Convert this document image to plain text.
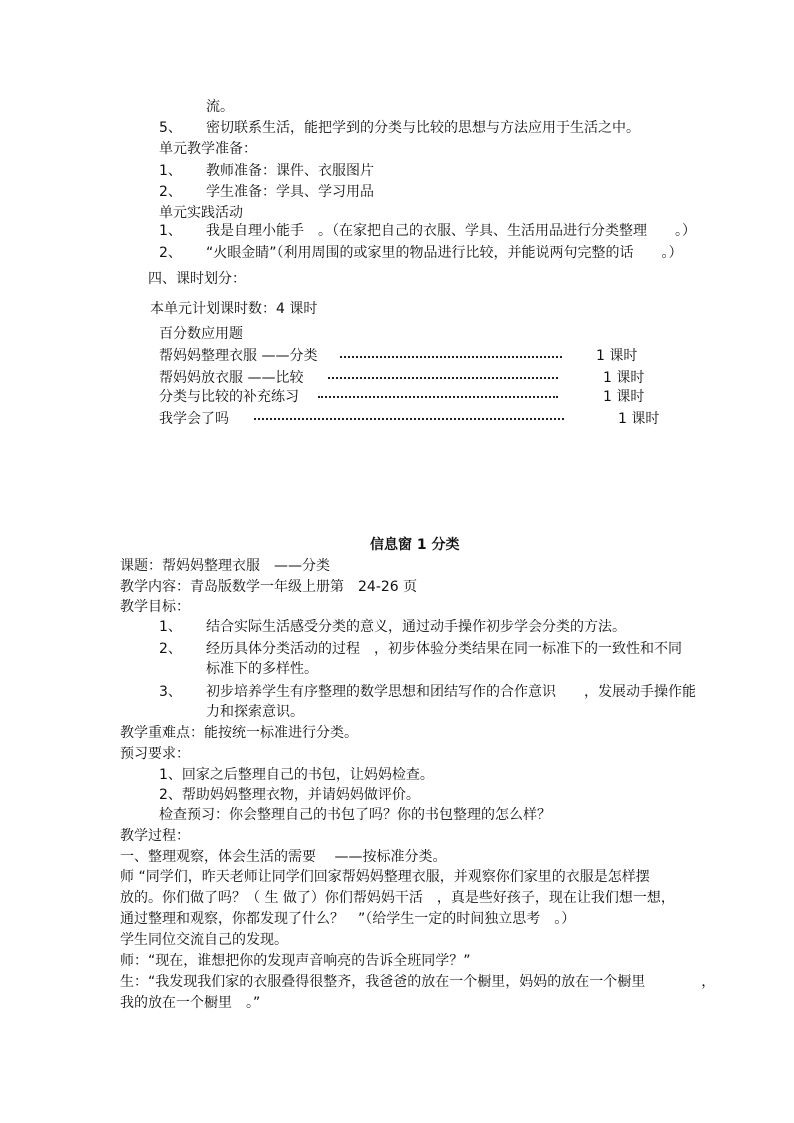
流。
5、 密切联系生活，能把学到的分类与比较的思想与方法应用于生活之中。
单元教学准备：
1、 教师准备：课件、衣服图片
2、 学生准备：学具、学习用品
单元实践活动
1、 我是自理小能手　。（在家把自己的衣服、学具、生活用品进行分类整理　　。）
2、 “火眼金睛”（利用周围的或家里的物品进行比较，并能说两句完整的话　　。）
四、课时划分：
本单元计划课时数：4 课时
百分数应用题
帮妈妈整理衣服 ——分类	1 课时
帮妈妈放衣服 ——比较	1 课时
分类与比较的补充练习	1 课时
我学会了吗	1 课时
信息窗 1 分类
课题：帮妈妈整理衣服　——分类
教学内容：青岛版数学一年级上册第　24-26 页
教学目标：
1、 结合实际生活感受分类的意义，通过动手操作初步学会分类的方法。
2、 经历具体分类活动的过程　，初步体验分类结果在同一标准下的一致性和不同
标准下的多样性。
3、 初步培养学生有序整理的数学思想和团结写作的合作意识　　，发展动手操作能
力和探索意识。
教学重难点：能按统一标准进行分类。
预习要求：
1、回家之后整理自己的书包，让妈妈检查。
2、帮助妈妈整理衣物，并请妈妈做评价。
检查预习：你会整理自己的书包了吗？你的书包整理的怎么样？
教学过程：
一、整理观察，体会生活的需要　 ——按标准分类。
师 “同学们，昨天老师让同学们回家帮妈妈整理衣服，并观察你们家里的衣服是怎样摆
放的。你们做了吗？（ 生 做了）你们帮妈妈干活　，真是些好孩子，现在让我们想一想，
通过整理和观察，你都发现了什么？　”（给学生一定的时间独立思考　。）
学生同位交流自己的发现。
师：“现在，谁想把你的发现声音响亮的告诉全班同学？”
生：“我发现我们家的衣服叠得很整齐，我爸爸的放在一个橱里，妈妈的放在一个橱里　　　　，
我的放在一个橱里　。”
